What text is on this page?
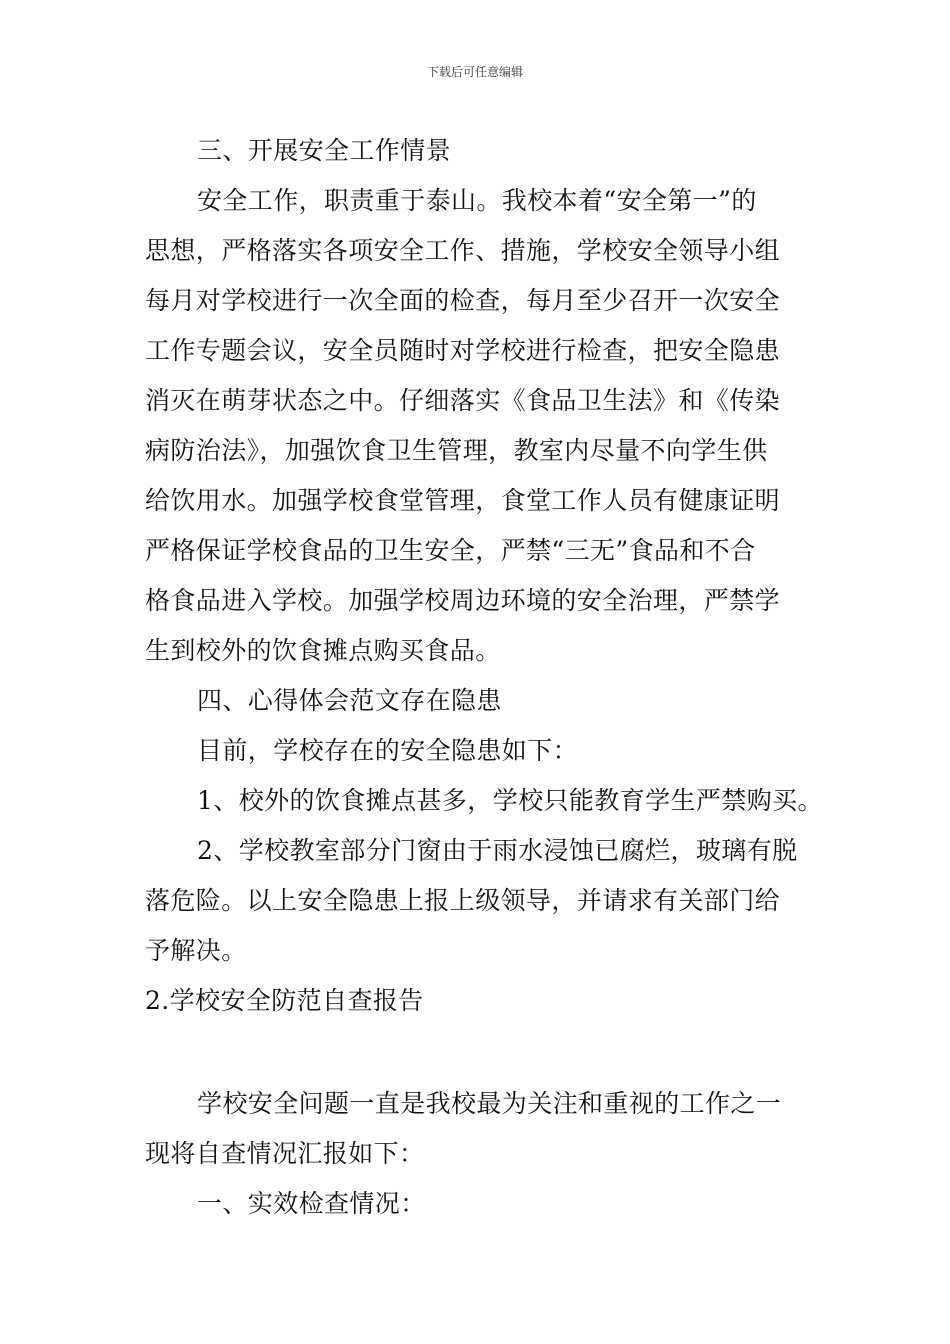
下载后可任意编辑
三、开展安全工作情景
安全工作，职责重于泰山。我校本着“安全第一”的
思想，严格落实各项安全工作、措施，学校安全领导小组
每月对学校进行一次全面的检查，每月至少召开一次安全
工作专题会议，安全员随时对学校进行检查，把安全隐患
消灭在萌芽状态之中。仔细落实《食品卫生法》和《传染
病防治法》，加强饮食卫生管理，教室内尽量不向学生供
给饮用水。加强学校食堂管理，食堂工作人员有健康证明
严格保证学校食品的卫生安全，严禁“三无”食品和不合
格食品进入学校。加强学校周边环境的安全治理，严禁学
生到校外的饮食摊点购买食品。
四、心得体会范文存在隐患
目前，学校存在的安全隐患如下：
1、校外的饮食摊点甚多，学校只能教育学生严禁购买。
2、学校教室部分门窗由于雨水浸蚀已腐烂，玻璃有脱
落危险。以上安全隐患上报上级领导，并请求有关部门给
予解决。
2.学校安全防范自查报告
学校安全问题一直是我校最为关注和重视的工作之一
现将自查情况汇报如下：
一、实效检查情况：
